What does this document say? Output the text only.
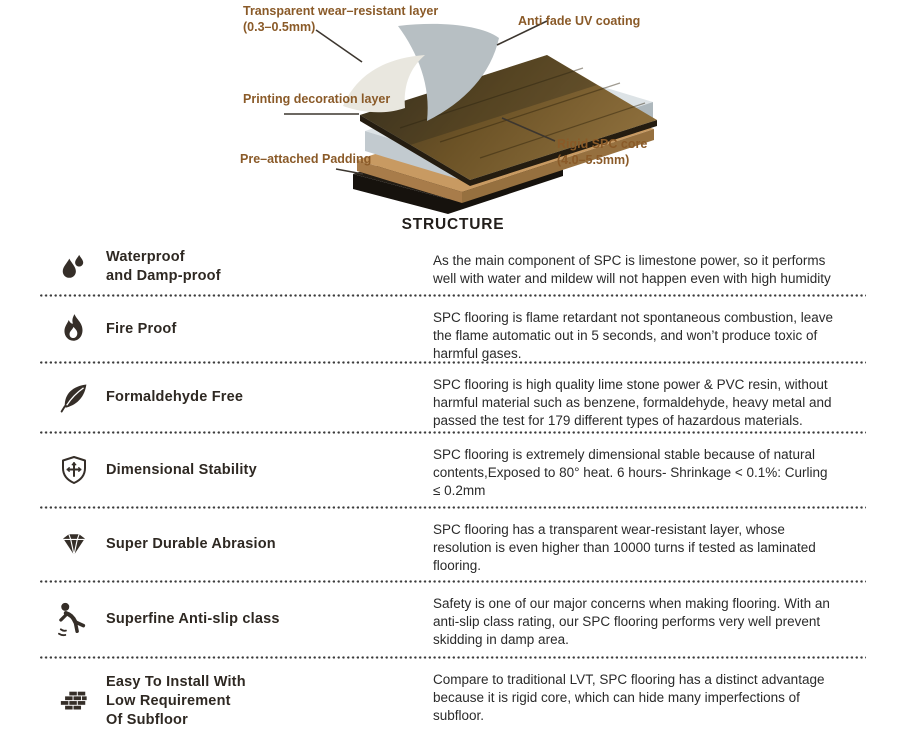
Transparent wear–resistant layer
(0.3–0.5mm)	Anti fade UV coating
Printing decoration layer
Pre–attached Padding
Rigid SPC core
(4.0–5.5mm)
STRUCTURE
Waterproof
and Damp-proof
As the main component of SPC is limestone power, so it performs well with water and mildew will not happen even with high humidity
Fire Proof
SPC flooring is flame retardant not spontaneous combustion, leave the flame automatic out in 5 seconds, and won’t produce toxic of harmful gases.
Formaldehyde Free
SPC flooring is high quality lime stone power & PVC resin, without harmful material such as benzene, formaldehyde, heavy metal and passed the test for 179 different types of hazardous materials.
Dimensional Stability
SPC flooring is extremely dimensional stable because of natural contents,Exposed to 80° heat. 6 hours- Shrinkage < 0.1%: Curling ≤ 0.2mm
Super Durable Abrasion
SPC flooring has a transparent wear-resistant layer, whose resolution is even higher than 10000 turns if tested as laminated flooring.
Superfine Anti-slip class
Safety is one of our major concerns when making flooring. With an anti-slip class rating, our SPC flooring performs very well prevent skidding in damp area.
Easy To Install With
Low Requirement
Of Subfloor
Compare to traditional LVT, SPC flooring has a distinct advantage because it is rigid core, which can hide many imperfections of subfloor.
